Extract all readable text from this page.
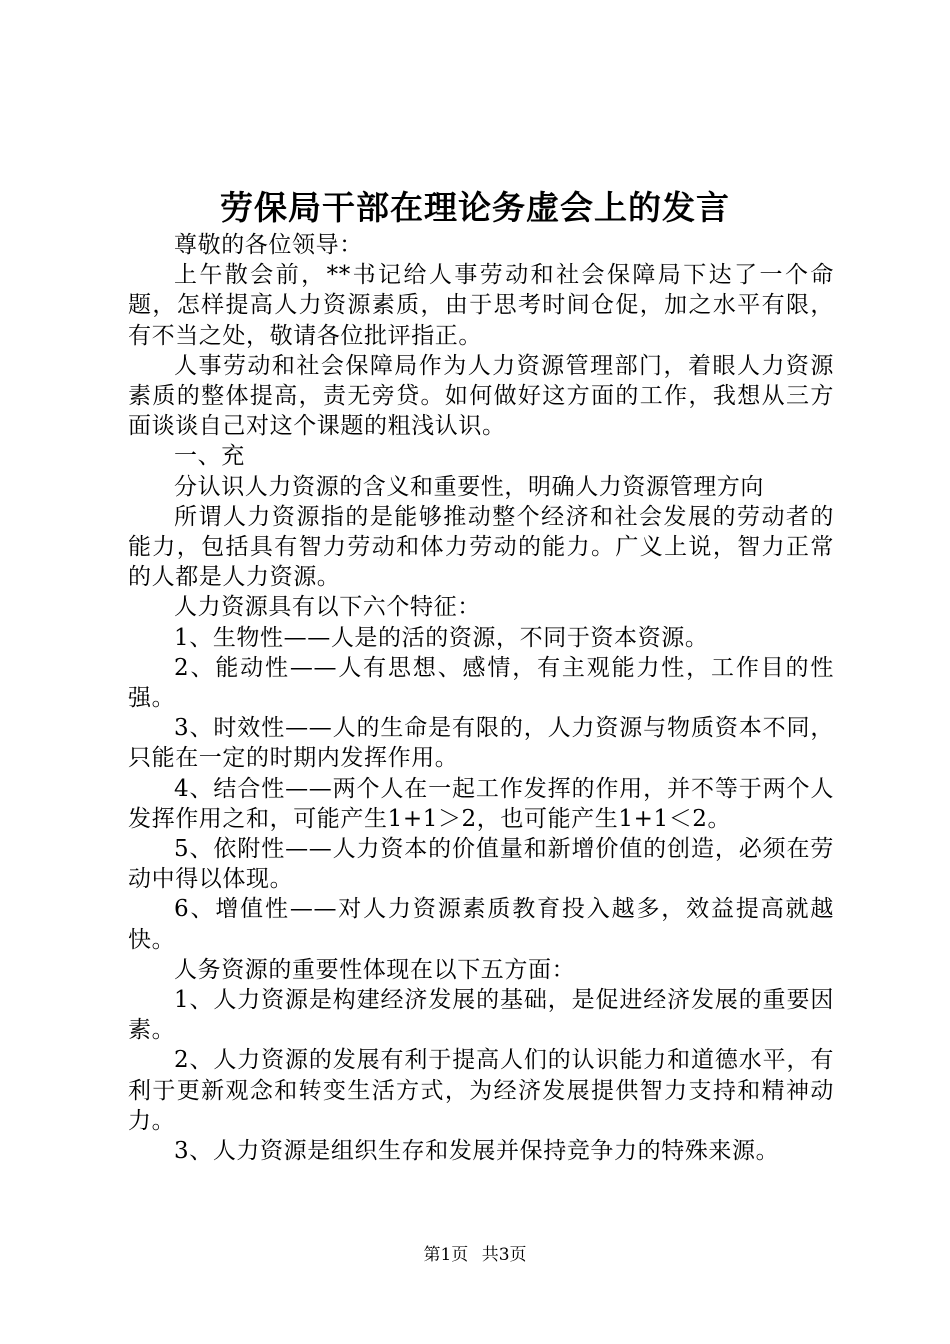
劳保局干部在理论务虚会上的发言

尊敬的各位领导：

上午散会前，**书记给人事劳动和社会保障局下达了一个命题，怎样提高人力资源素质，由于思考时间仓促，加之水平有限，有不当之处，敬请各位批评指正。

人事劳动和社会保障局作为人力资源管理部门，着眼人力资源素质的整体提高，责无旁贷。如何做好这方面的工作，我想从三方面谈谈自己对这个课题的粗浅认识。

一、充

分认识人力资源的含义和重要性，明确人力资源管理方向

所谓人力资源指的是能够推动整个经济和社会发展的劳动者的能力，包括具有智力劳动和体力劳动的能力。广义上说，智力正常的人都是人力资源。

人力资源具有以下六个特征：

1、生物性——人是的活的资源，不同于资本资源。

2、能动性——人有思想、感情，有主观能力性，工作目的性强。

3、时效性——人的生命是有限的，人力资源与物质资本不同，只能在一定的时期内发挥作用。

4、结合性——两个人在一起工作发挥的作用，并不等于两个人发挥作用之和，可能产生1+1＞2，也可能产生1+1＜2。

5、依附性——人力资本的价值量和新增价值的创造，必须在劳动中得以体现。

6、增值性——对人力资源素质教育投入越多，效益提高就越快。

人务资源的重要性体现在以下五方面：

1、人力资源是构建经济发展的基础，是促进经济发展的重要因素。

2、人力资源的发展有利于提高人们的认识能力和道德水平，有利于更新观念和转变生活方式，为经济发展提供智力支持和精神动力。

3、人力资源是组织生存和发展并保持竞争力的特殊来源。

第1页 共3页
